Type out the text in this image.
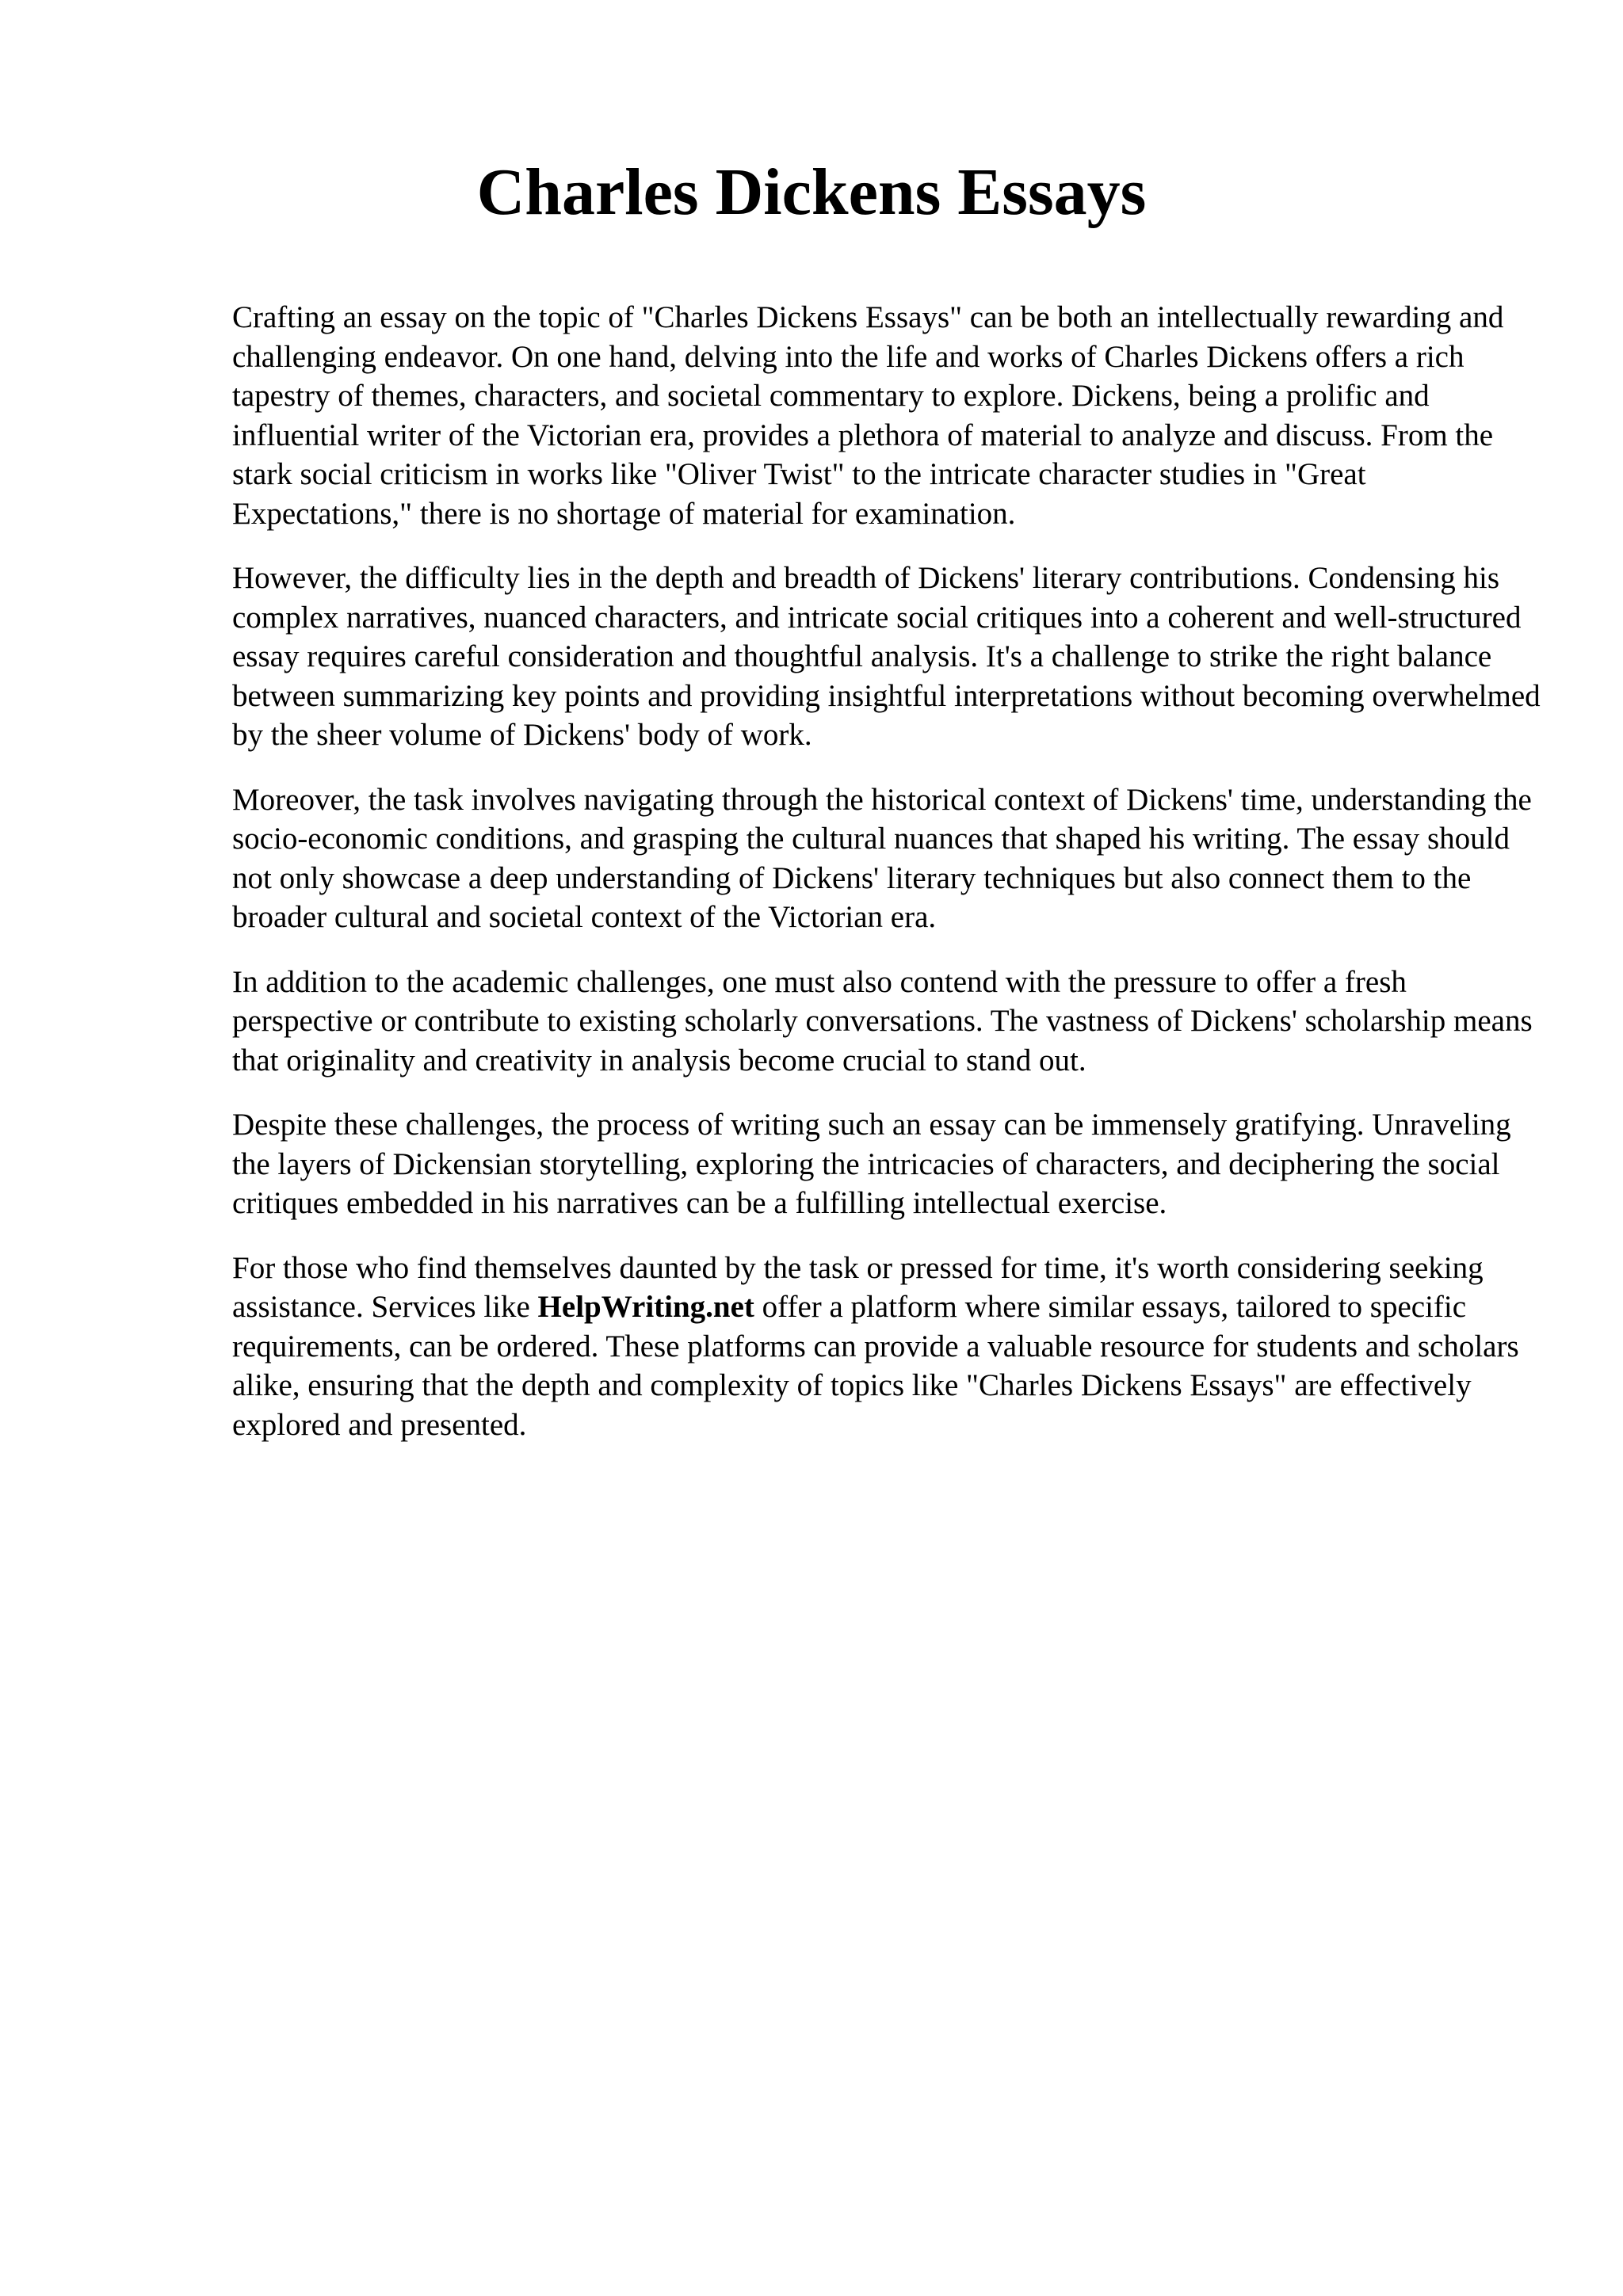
Charles Dickens Essays

Crafting an essay on the topic of "Charles Dickens Essays" can be both an intellectually rewarding and challenging endeavor. On one hand, delving into the life and works of Charles Dickens offers a rich tapestry of themes, characters, and societal commentary to explore. Dickens, being a prolific and influential writer of the Victorian era, provides a plethora of material to analyze and discuss. From the stark social criticism in works like "Oliver Twist" to the intricate character studies in "Great Expectations," there is no shortage of material for examination.

However, the difficulty lies in the depth and breadth of Dickens' literary contributions. Condensing his complex narratives, nuanced characters, and intricate social critiques into a coherent and well-structured essay requires careful consideration and thoughtful analysis. It's a challenge to strike the right balance between summarizing key points and providing insightful interpretations without becoming overwhelmed by the sheer volume of Dickens' body of work.

Moreover, the task involves navigating through the historical context of Dickens' time, understanding the socio-economic conditions, and grasping the cultural nuances that shaped his writing. The essay should not only showcase a deep understanding of Dickens' literary techniques but also connect them to the broader cultural and societal context of the Victorian era.

In addition to the academic challenges, one must also contend with the pressure to offer a fresh perspective or contribute to existing scholarly conversations. The vastness of Dickens' scholarship means that originality and creativity in analysis become crucial to stand out.

Despite these challenges, the process of writing such an essay can be immensely gratifying. Unraveling the layers of Dickensian storytelling, exploring the intricacies of characters, and deciphering the social critiques embedded in his narratives can be a fulfilling intellectual exercise.

For those who find themselves daunted by the task or pressed for time, it's worth considering seeking assistance. Services like HelpWriting.net offer a platform where similar essays, tailored to specific requirements, can be ordered. These platforms can provide a valuable resource for students and scholars alike, ensuring that the depth and complexity of topics like "Charles Dickens Essays" are effectively explored and presented.
